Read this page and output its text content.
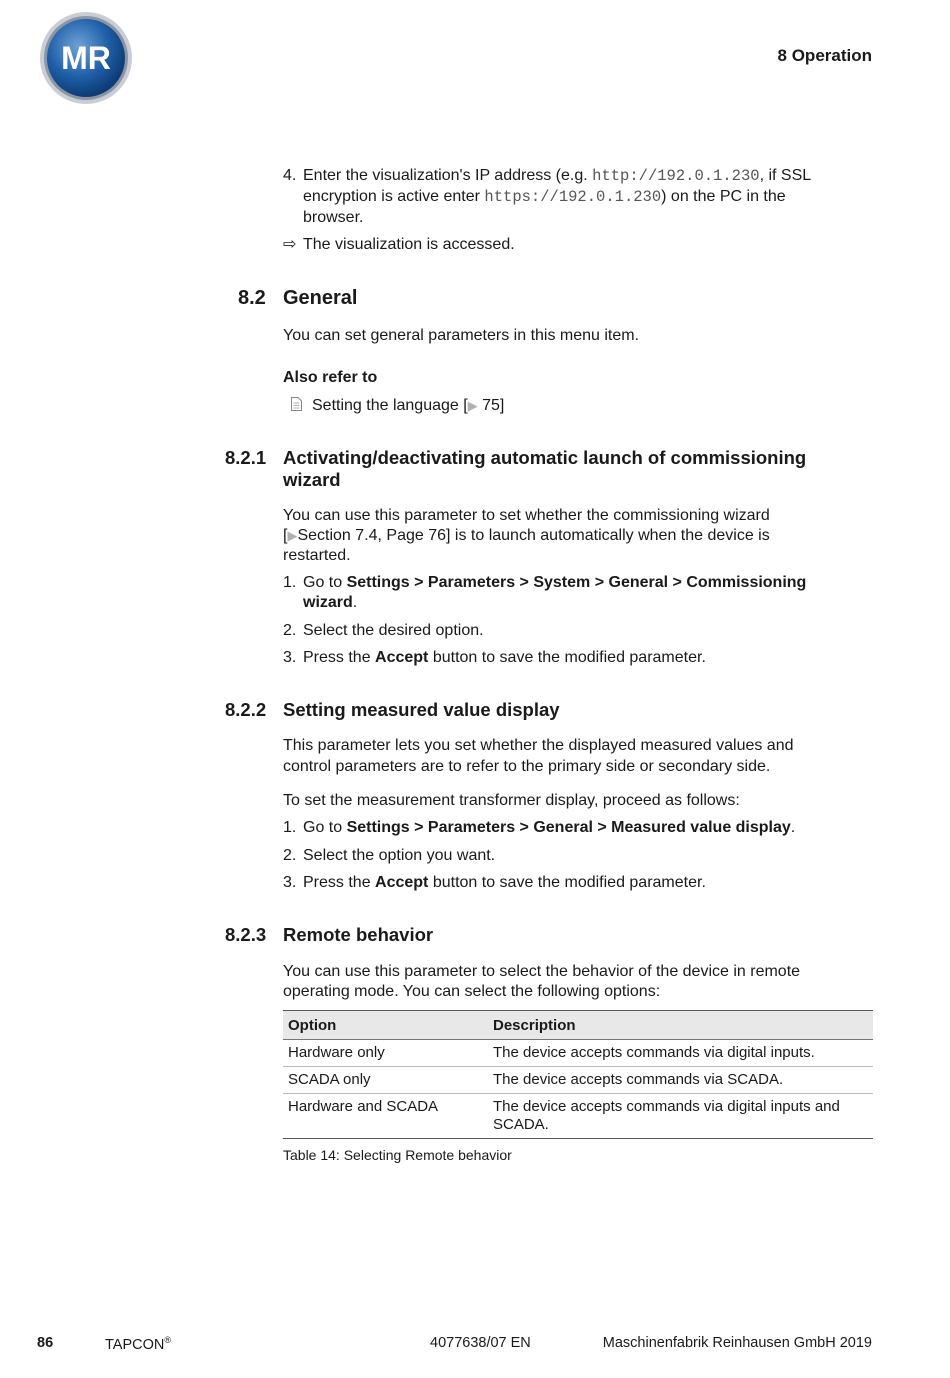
MR	8 Operation
4. Enter the visualization's IP address (e.g. http://192.0.1.230, if SSL
encryption is active enter https://192.0.1.230) on the PC in the
browser.
⇨ The visualization is accessed.
8.2 General
You can set general parameters in this menu item.
Also refer to
Setting the language [▶ 75]
8.2.1 Activating/deactivating automatic launch of commissioning
wizard
You can use this parameter to set whether the commissioning wizard
[▶Section 7.4, Page 76] is to launch automatically when the device is
restarted.
1. Go to Settings > Parameters > System > General > Commissioning
wizard.
2. Select the desired option.
3. Press the Accept button to save the modified parameter.
8.2.2 Setting measured value display
This parameter lets you set whether the displayed measured values and
control parameters are to refer to the primary side or secondary side.
To set the measurement transformer display, proceed as follows:
1. Go to Settings > Parameters > General > Measured value display.
2. Select the option you want.
3. Press the Accept button to save the modified parameter.
8.2.3 Remote behavior
You can use this parameter to select the behavior of the device in remote
operating mode. You can select the following options:
Option	Description
Hardware only	The device accepts commands via digital inputs.
SCADA only	The device accepts commands via SCADA.
Hardware and SCADA	The device accepts commands via digital inputs and SCADA.
Table 14: Selecting Remote behavior
86	TAPCON®	4077638/07 EN	Maschinenfabrik Reinhausen GmbH 2019
